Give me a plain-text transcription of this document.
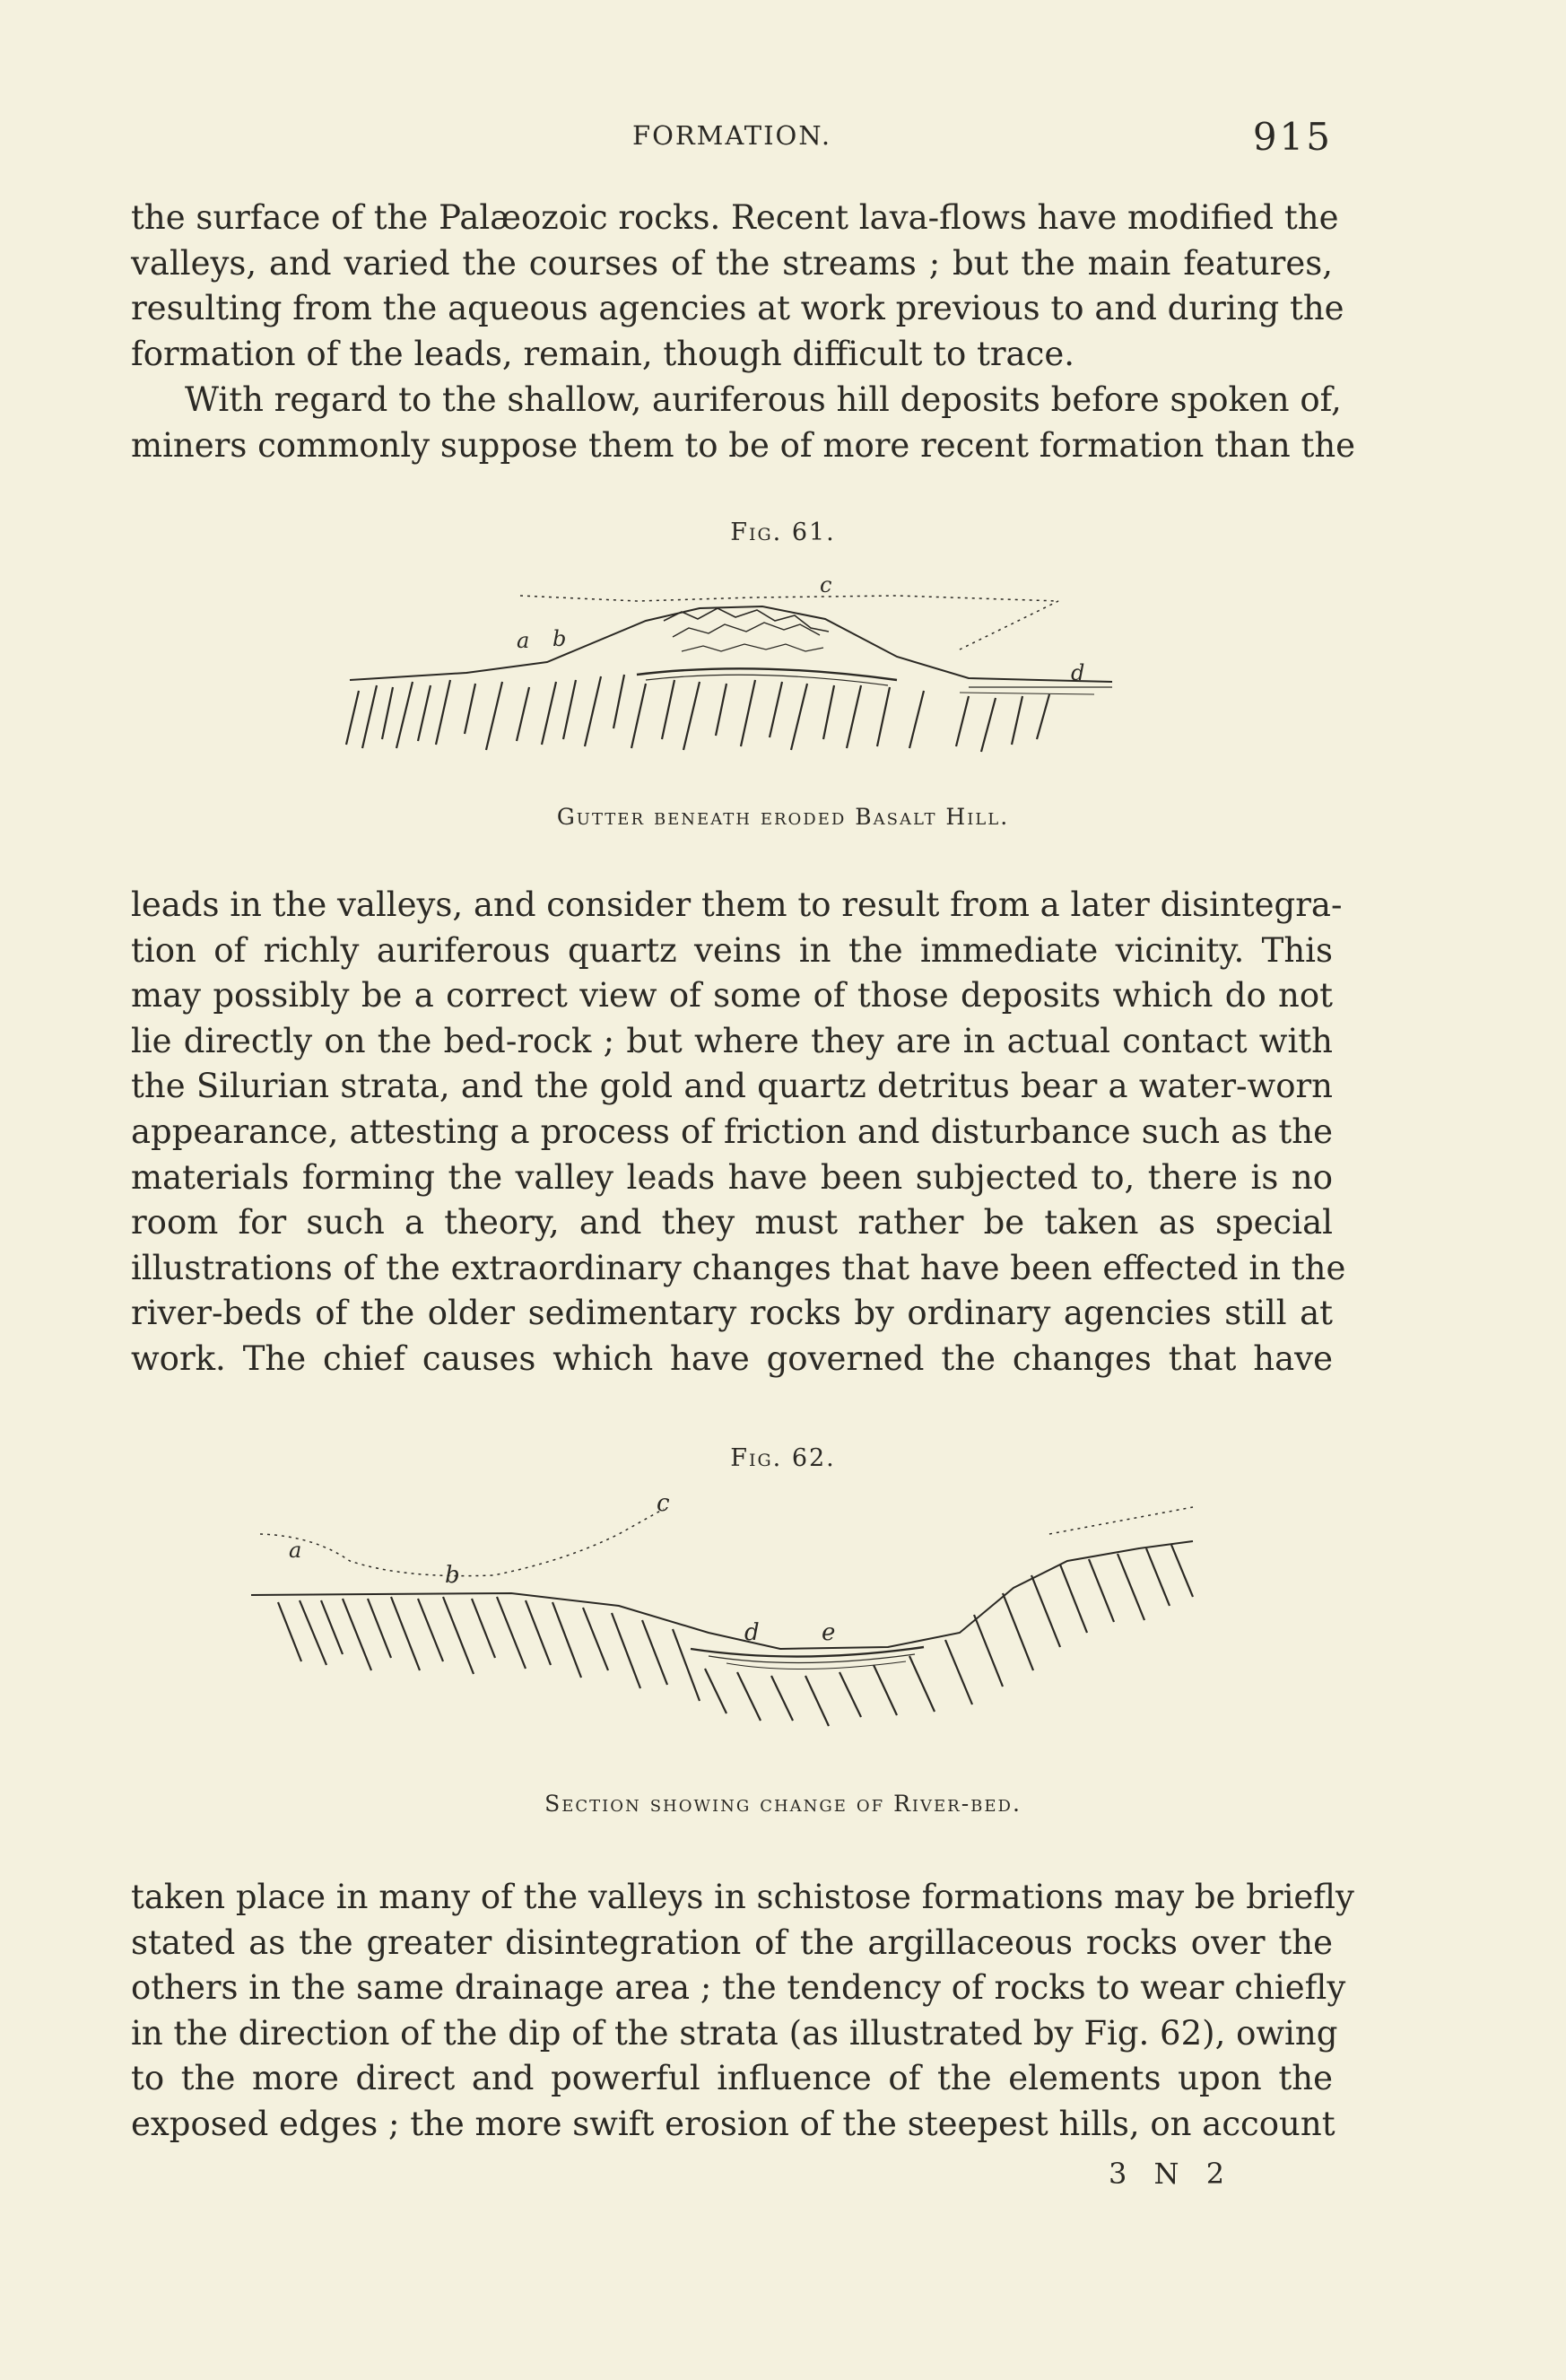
FORMATION.	915
the surface of the Palæozoic rocks. Recent lava-flows have modified the
valleys, and varied the courses of the streams ; but the main features,
resulting from the aqueous agencies at work previous to and during the
formation of the leads, remain, though difficult to trace.
With regard to the shallow, auriferous hill deposits before spoken of,
miners commonly suppose them to be of more recent formation than the
Fig. 61.
a b
c
d
Gutter beneath eroded Basalt Hill.
leads in the valleys, and consider them to result from a later disintegra-
tion of richly auriferous quartz veins in the immediate vicinity. This
may possibly be a correct view of some of those deposits which do not
lie directly on the bed-rock ; but where they are in actual contact with
the Silurian strata, and the gold and quartz detritus bear a water-worn
appearance, attesting a process of friction and disturbance such as the
materials forming the valley leads have been subjected to, there is no
room for such a theory, and they must rather be taken as special
illustrations of the extraordinary changes that have been effected in the
river-beds of the older sedimentary rocks by ordinary agencies still at
work. The chief causes which have governed the changes that have
Fig. 62.
a
b
c
d	e
Section showing change of River-bed.
taken place in many of the valleys in schistose formations may be briefly
stated as the greater disintegration of the argillaceous rocks over the
others in the same drainage area ; the tendency of rocks to wear chiefly
in the direction of the dip of the strata (as illustrated by Fig. 62), owing
to the more direct and powerful influence of the elements upon the
exposed edges ; the more swift erosion of the steepest hills, on account
3 N 2
